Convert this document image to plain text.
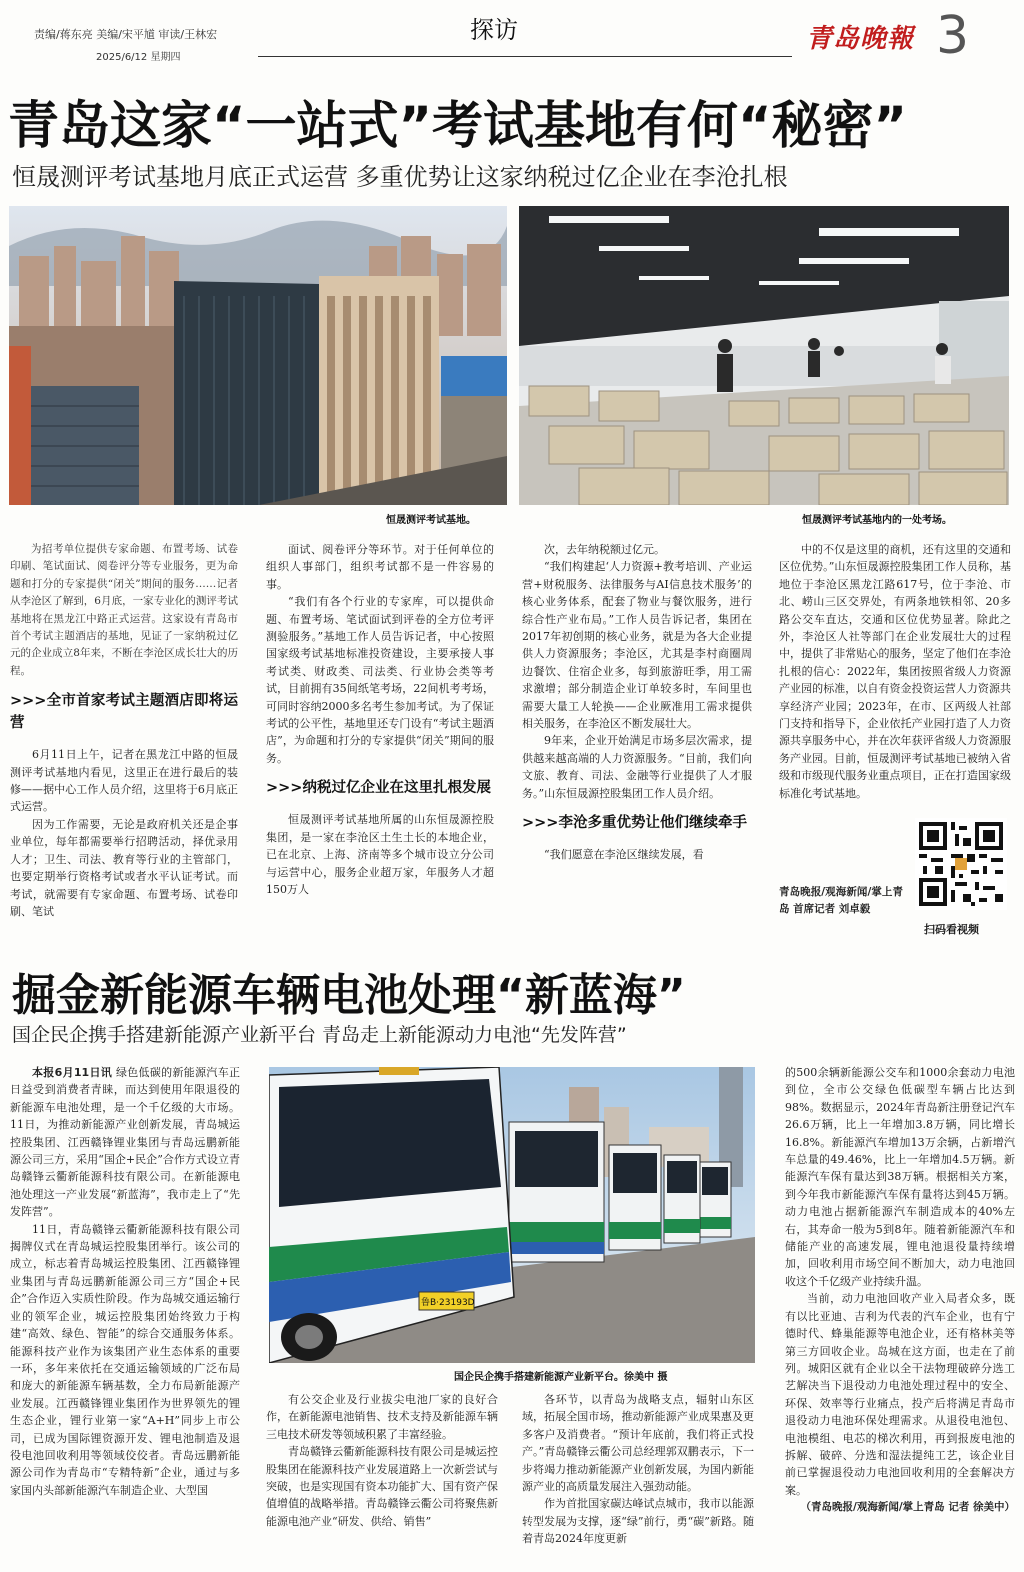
责编/蒋东亮 美编/宋平馗 审读/王林宏
2025/6/12 星期四
探访	青岛晚報 3
青岛这家“一站式”考试基地有何“秘密”
恒晟测评考试基地月底正式运营 多重优势让这家纳税过亿企业在李沧扎根
恒晟测评考试基地。	恒晟测评考试基地内的一处考场。

为招考单位提供专家命题、布置考场、试卷印刷、笔试面试、阅卷评分等专业服务，更为命题和打分的专家提供“闭关”期间的服务……记者从李沧区了解到，6月底，一家专业化的测评考试基地将在黑龙江中路正式运营。这家设有青岛市首个考试主题酒店的基地，见证了一家纳税过亿元的企业成立8年来，不断在李沧区成长壮大的历程。

>>>全市首家考试主题酒店即将运营

6月11日上午，记者在黑龙江中路的恒晟测评考试基地内看见，这里正在进行最后的装修——据中心工作人员介绍，这里将于6月底正式运营。

因为工作需要，无论是政府机关还是企事业单位，每年都需要举行招聘活动，择优录用人才；卫生、司法、教育等行业的主管部门，也要定期举行资格考试或者水平认证考试。而考试，就需要有专家命题、布置考场、试卷印刷、笔试

面试、阅卷评分等环节。对于任何单位的组织人事部门，组织考试都不是一件容易的事。

“我们有各个行业的专家库，可以提供命题、布置考场、笔试面试到评卷的全方位考评测验服务。”基地工作人员告诉记者，中心按照国家级考试基地标准投资建设，主要承接人事考试类、财政类、司法类、行业协会类等考试，目前拥有35间纸笔考场，22间机考考场，可同时容纳2000多名考生参加考试。为了保证考试的公平性，基地里还专门设有“考试主题酒店”，为命题和打分的专家提供“闭关”期间的服务。

>>>纳税过亿企业在这里扎根发展

恒晟测评考试基地所属的山东恒晟源控股集团，是一家在李沧区土生土长的本地企业，已在北京、上海、济南等多个城市设立分公司与运营中心，服务企业超万家，年服务人才超150万人

次，去年纳税额过亿元。

“我们构建起‘人力资源+教考培训、产业运营+财税服务、法律服务与AI信息技术服务’的核心业务体系，配套了物业与餐饮服务，进行综合性产业布局。”工作人员告诉记者，集团在2017年初创期的核心业务，就是为各大企业提供人力资源服务；李沧区，尤其是李村商圈周边餐饮、住宿企业多，每到旅游旺季，用工需求激增；部分制造企业订单较多时，车间里也需要大量工人轮换——企业厥准用工需求提供相关服务，在李沧区不断发展壮大。

9年来，企业开始满足市场多层次需求，提供越来越高端的人力资源服务。“目前，我们向文旅、教育、司法、金融等行业提供了人才服务。”山东恒晟源控股集团工作人员介绍。

>>>李沧多重优势让他们继续牵手

“我们愿意在李沧区继续发展，看

中的不仅是这里的商机，还有这里的交通和区位优势。”山东恒晟源控股集团工作人员称，基地位于李沧区黑龙江路617号，位于李沧、市北、崂山三区交界处，有两条地铁相邻、20多路公交车直达，交通和区位优势显著。除此之外，李沧区人社等部门在企业发展壮大的过程中，提供了非常贴心的服务，坚定了他们在李沧扎根的信心：2022年，集团按照省级人力资源产业园的标准，以自有资金投资运营人力资源共享经济产业园；2023年，在市、区两级人社部门支持和指导下，企业依托产业园打造了人力资源共享服务中心，并在次年获评省级人力资源服务产业园。目前，恒晟测评考试基地已被纳入省级和市级现代服务业重点项目，正在打造国家级标准化考试基地。

青岛晚报/观海新闻/掌上青岛 首席记者 刘卓毅

扫码看视频
掘金新能源车辆电池处理“新蓝海”
国企民企携手搭建新能源产业新平台 青岛走上新能源动力电池“先发阵营”
鲁B·23193D
国企民企携手搭建新能源产业新平台。徐美中 摄

本报6月11日讯 绿色低碳的新能源汽车正日益受到消费者青睐，而达到使用年限退役的新能源车电池处理，是一个千亿级的大市场。11日，为推动新能源产业创新发展，青岛城运控股集团、江西赣锋锂业集团与青岛远鹏新能源公司三方，采用“国企+民企”合作方式设立青岛赣锋云衢新能源科技有限公司。在新能源电池处理这一产业发展“新蓝海”，我市走上了“先发阵营”。

11日，青岛赣锋云衢新能源科技有限公司揭牌仪式在青岛城运控股集团举行。该公司的成立，标志着青岛城运控股集团、江西赣锋锂业集团与青岛远鹏新能源公司三方“国企+民企”合作迈入实质性阶段。作为岛城交通运输行业的领军企业，城运控股集团始终致力于构建“高效、绿色、智能”的综合交通服务体系。能源科技产业作为该集团产业生态体系的重要一环，多年来依托在交通运输领域的广泛布局和庞大的新能源车辆基数，全力布局新能源产业发展。江西赣锋锂业集团作为世界领先的锂生态企业，锂行业第一家“A+H”同步上市公司，已成为国际锂资源开发、锂电池制造及退役电池回收利用等领域佼佼者。青岛远鹏新能源公司作为青岛市“专精特新”企业，通过与多家国内头部新能源汽车制造企业、大型国

有公交企业及行业拔尖电池厂家的良好合作，在新能源电池销售、技术支持及新能源车辆三电技术研发等领域积累了丰富经验。

青岛赣锋云衢新能源科技有限公司是城运控股集团在能源科技产业发展道路上一次新尝试与突破，也是实现国有资本功能扩大、国有资产保值增值的战略举措。青岛赣锋云衢公司将聚焦新能源电池产业“研发、供给、销售”

各环节，以青岛为战略支点，辐射山东区域，拓展全国市场，推动新能源产业成果惠及更多客户及消费者。“预计年底前，我们将正式投产。”青岛赣锋云衢公司总经理郭双鹏表示，下一步将竭力推动新能源产业创新发展，为国内新能源产业的高质量发展注入强劲动能。

作为首批国家碳达峰试点城市，我市以能源转型发展为支撑，逐“绿”前行，勇“碳”新路。随着青岛2024年度更新

的500余辆新能源公交车和1000余套动力电池到位，全市公交绿色低碳型车辆占比达到98%。数据显示，2024年青岛新注册登记汽车26.6万辆，比上一年增加3.8万辆，同比增长16.8%。新能源汽车增加13万余辆，占新增汽车总量的49.46%，比上一年增加4.5万辆。新能源汽车保有量达到38万辆。根据相关方案，到今年我市新能源汽车保有量将达到45万辆。动力电池占据新能源汽车制造成本的40%左右，其寿命一般为5到8年。随着新能源汽车和储能产业的高速发展，锂电池退役量持续增加，回收利用市场空间不断加大，动力电池回收这个千亿级产业持续升温。

当前，动力电池回收产业入局者众多，既有以比亚迪、吉利为代表的汽车企业，也有宁德时代、蜂巢能源等电池企业，还有格林美等第三方回收企业。岛城在这方面，也走在了前列。城阳区就有企业以全干法物理破碎分选工艺解决当下退役动力电池处理过程中的安全、环保、效率等行业痛点，投产后将满足青岛市退役动力电池环保处理需求。从退役电池包、电池模组、电芯的梯次利用，再到报废电池的拆解、破碎、分选和湿法提纯工艺，该企业目前已掌握退役动力电池回收利用的全套解决方案。

（青岛晚报/观海新闻/掌上青岛 记者 徐美中）
